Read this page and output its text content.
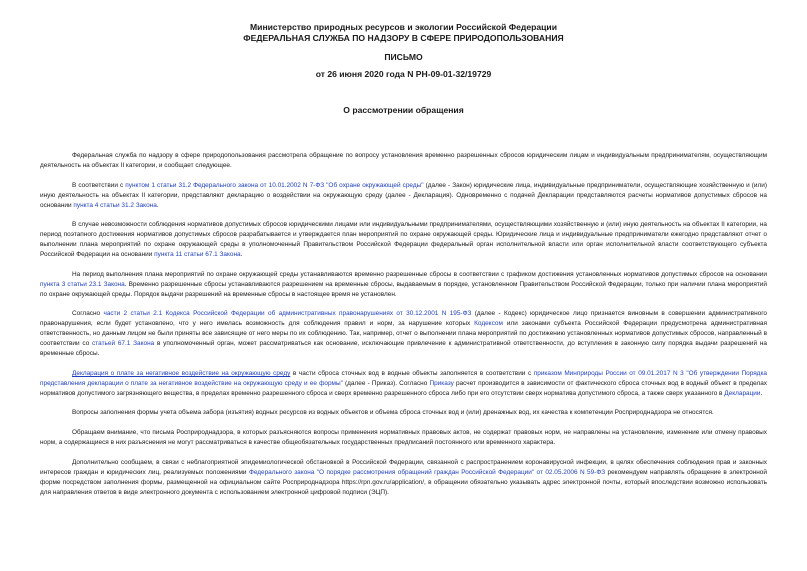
Министерство природных ресурсов и экологии Российской Федерации
ФЕДЕРАЛЬНАЯ СЛУЖБА ПО НАДЗОРУ В СФЕРЕ ПРИРОДОПОЛЬЗОВАНИЯ
ПИСЬМО
от 26 июня 2020 года N РН-09-01-32/19729
О рассмотрении обращения

Федеральная служба по надзору в сфере природопользования рассмотрела обращение по вопросу установления временно разрешенных сбросов юридическим лицам и индивидуальным предпринимателям, осуществляющим деятельность на объектах II категории, и сообщает следующее.

В соответствии с пунктом 1 статьи 31.2 Федерального закона от 10.01.2002 N 7-ФЗ "Об охране окружающей среды" (далее - Закон) юридические лица, индивидуальные предприниматели, осуществляющие хозяйственную и (или) иную деятельность на объектах II категории, представляют декларацию о воздействии на окружающую среду (далее - Декларация). Одновременно с подачей Декларации представляются расчеты нормативов допустимых сбросов на основании пункта 4 статьи 31.2 Закона.

В случае невозможности соблюдения нормативов допустимых сбросов юридическими лицами или индивидуальными предпринимателями, осуществляющими хозяйственную и (или) иную деятельность на объектах II категории, на период поэтапного достижения нормативов допустимых сбросов разрабатывается и утверждается план мероприятий по охране окружающей среды. Юридические лица и индивидуальные предприниматели ежегодно представляют отчет о выполнении плана мероприятий по охране окружающей среды в уполномоченный Правительством Российской Федерации федеральный орган исполнительной власти или орган исполнительной власти соответствующего субъекта Российской Федерации на основании пункта 11 статьи 67.1 Закона.

На период выполнения плана мероприятий по охране окружающей среды устанавливаются временно разрешенные сбросы в соответствии с графиком достижения установленных нормативов допустимых сбросов на основании пункта 3 статьи 23.1 Закона. Временно разрешенные сбросы устанавливаются разрешением на временные сбросы, выдаваемым в порядке, установленном Правительством Российской Федерации, только при наличии плана мероприятий по охране окружающей среды. Порядок выдачи разрешений на временные сбросы в настоящее время не установлен.

Согласно части 2 статьи 2.1 Кодекса Российской Федерации об административных правонарушениях от 30.12.2001 N 195-ФЗ (далее - Кодекс) юридическое лицо признается виновным в совершении административного правонарушения, если будет установлено, что у него имелась возможность для соблюдения правил и норм, за нарушение которых Кодексом или законами субъекта Российской Федерации предусмотрена административная ответственность, но данным лицом не были приняты все зависящие от него меры по их соблюдению. Так, например, отчет о выполнении плана мероприятий по достижению установленных нормативов допустимых сбросов, направленный в соответствии со статьей 67.1 Закона в уполномоченный орган, может рассматриваться как основание, исключающие привлечение к административной ответственности, до вступления в законную силу порядка выдачи разрешений на временные сбросы.

Декларация о плате за негативное воздействие на окружающую среду в части сброса сточных вод в водные объекты заполняется в соответствии с приказом Минприроды России от 09.01.2017 N 3 "Об утверждении Порядка представления декларации о плате за негативное воздействие на окружающую среду и ее формы" (далее - Приказ). Согласно Приказу расчет производится в зависимости от фактического сброса сточных вод в водный объект в пределах нормативов допустимого загрязняющего вещества, в пределах временно разрешенного сброса и сверх временно разрешенного сброса либо при его отсутствии сверх норматива допустимого сброса, а также сверх указанного в Декларации.

Вопросы заполнения формы учета объема забора (изъятия) водных ресурсов из водных объектов и объема сброса сточных вод и (или) дренажных вод, их качества к компетенции Росприроднадзора не относятся.

Обращаем внимание, что письма Росприроднадзора, в которых разъясняются вопросы применения нормативных правовых актов, не содержат правовых норм, не направлены на установление, изменение или отмену правовых норм, а содержащиеся в них разъяснения не могут рассматриваться в качестве общеобязательных государственных предписаний постоянного или временного характера.

Дополнительно сообщаем, в связи с неблагоприятной эпидемиологической обстановкой в Российской Федерации, связанной с распространением коронавирусной инфекции, в целях обеспечения соблюдения прав и законных интересов граждан и юридических лиц, реализуемых положениями Федерального закона "О порядке рассмотрения обращений граждан Российской Федерации" от 02.05.2006 N 59-ФЗ рекомендуем направлять обращение в электронной форме посредством заполнения формы, размещенной на официальном сайте Росприроднадзора https://rpn.gov.ru/application/, в обращении обязательно указывать адрес электронной почты, который впоследствии возможно использовать для направления ответов в виде электронного документа с использованием электронной цифровой подписи (ЭЦП).
